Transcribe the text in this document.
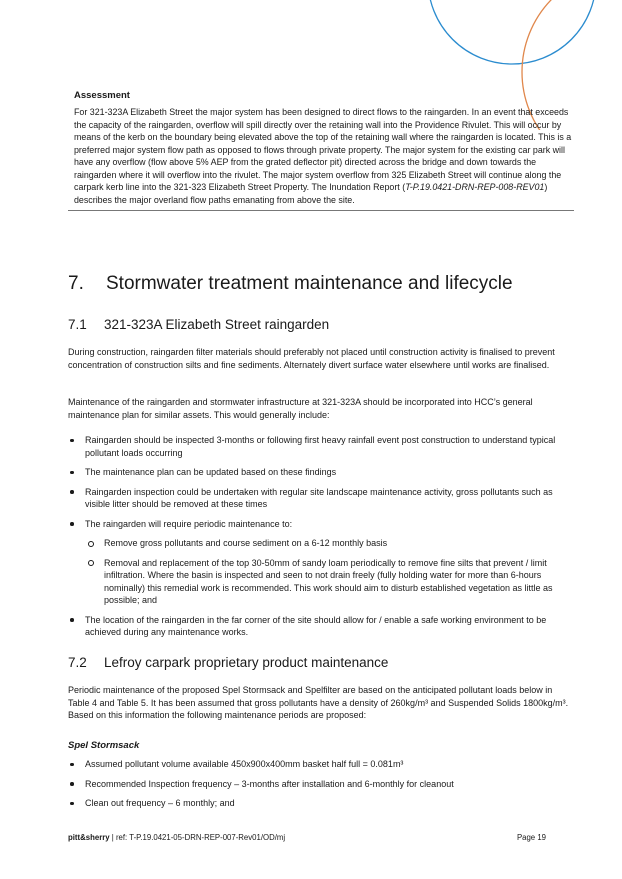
Assessment
For 321-323A Elizabeth Street the major system has been designed to direct flows to the raingarden. In an event that exceeds the capacity of the raingarden, overflow will spill directly over the retaining wall into the Providence Rivulet. This will occur by means of the kerb on the boundary being elevated above the top of the retaining wall where the raingarden is located. This is a preferred major system flow path as opposed to flows through private property. The major system for the existing car park will have any overflow (flow above 5% AEP from the grated deflector pit) directed across the bridge and down towards the raingarden where it will overflow into the rivulet. The major system overflow from 325 Elizabeth Street will continue along the carpark kerb line into the 321-323 Elizabeth Street Property. The Inundation Report (T-P.19.0421-DRN-REP-008-REV01) describes the major overland flow paths emanating from above the site.
7. Stormwater treatment maintenance and lifecycle
7.1 321-323A Elizabeth Street raingarden

During construction, raingarden filter materials should preferably not placed until construction activity is finalised to prevent concentration of construction silts and fine sediments. Alternately divert surface water elsewhere until works are finalised.

Maintenance of the raingarden and stormwater infrastructure at 321-323A should be incorporated into HCC’s general maintenance plan for similar assets. This would generally include:

Raingarden should be inspected 3-months or following first heavy rainfall event post construction to understand typical pollutant loads occurring
The maintenance plan can be updated based on these findings
Raingarden inspection could be undertaken with regular site landscape maintenance activity, gross pollutants such as visible litter should be removed at these times
The raingarden will require periodic maintenance to:
Remove gross pollutants and course sediment on a 6-12 monthly basis
Removal and replacement of the top 30-50mm of sandy loam periodically to remove fine silts that prevent / limit infiltration. Where the basin is inspected and seen to not drain freely (fully holding water for more than 6-hours nominally) this remedial work is recommended. This work should aim to disturb established vegetation as little as possible; and
The location of the raingarden in the far corner of the site should allow for / enable a safe working environment to be achieved during any maintenance works.
7.2 Lefroy carpark proprietary product maintenance

Periodic maintenance of the proposed Spel Stormsack and Spelfilter are based on the anticipated pollutant loads below in Table 4 and Table 5. It has been assumed that gross pollutants have a density of 260kg/m³ and Suspended Solids 1800kg/m³. Based on this information the following maintenance periods are proposed:

Spel Stormsack
Assumed pollutant volume available 450x900x400mm basket half full = 0.081m³
Recommended Inspection frequency – 3-months after installation and 6-monthly for cleanout
Clean out frequency – 6 monthly; and
pitt&sherry | ref: T-P.19.0421-05-DRN-REP-007-Rev01/OD/mj	Page 19
